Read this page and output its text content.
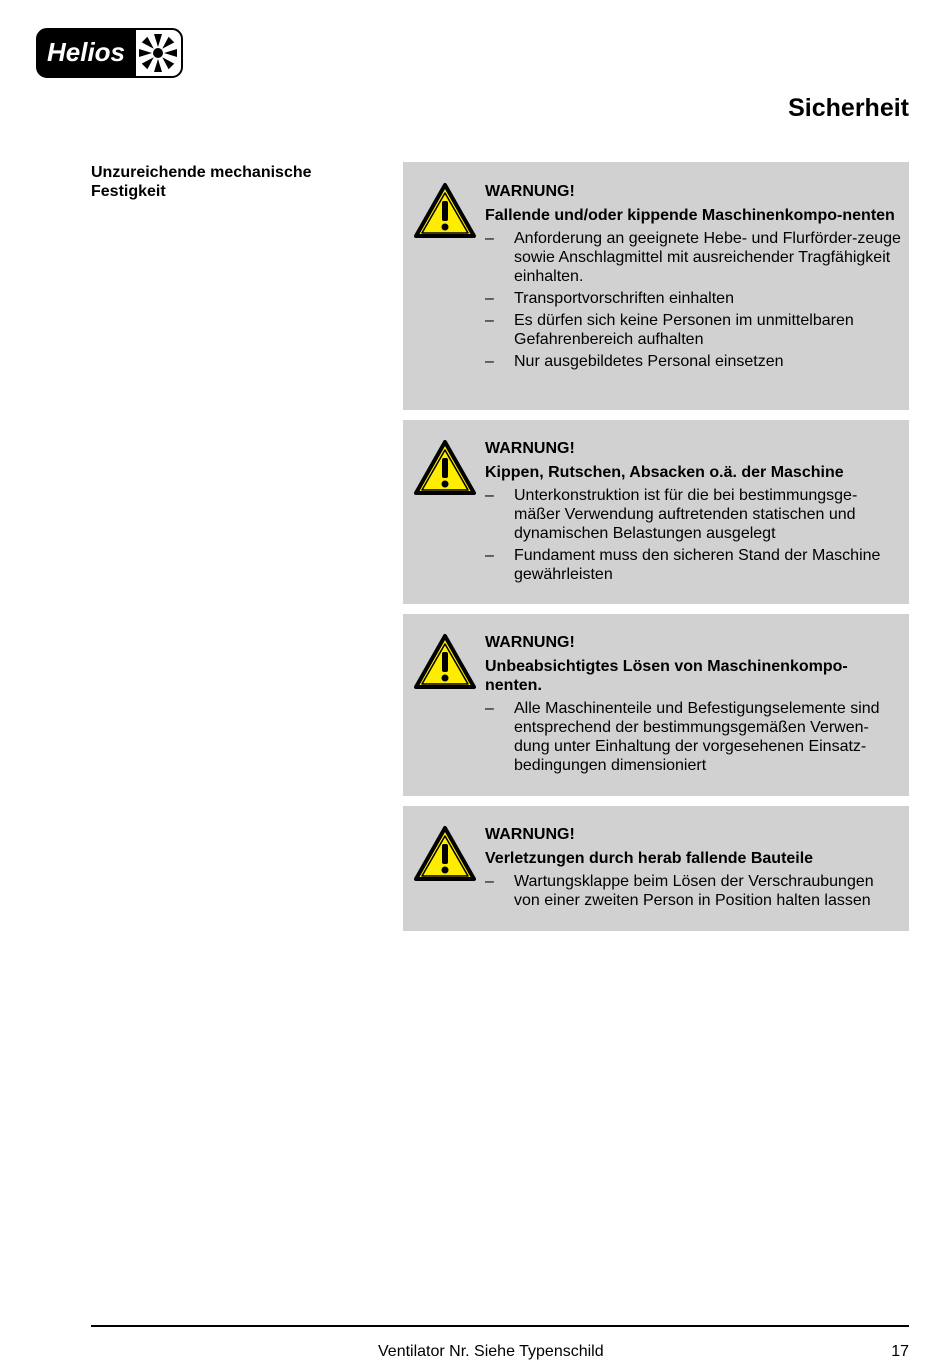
Helios
Sicherheit
Unzureichende mechanische Festigkeit	WARNUNG!
Fallende und/oder kippende Maschinenkompo-nenten
– Anforderung an geeignete Hebe- und Flurförder-zeuge sowie Anschlagmittel mit ausreichender Tragfähigkeit einhalten.
– Transportvorschriften einhalten
– Es dürfen sich keine Personen im unmittelbaren Gefahrenbereich aufhalten
– Nur ausgebildetes Personal einsetzen
WARNUNG!
Kippen, Rutschen, Absacken o.ä. der Maschine
– Unterkonstruktion ist für die bei bestimmungsge-mäßer Verwendung auftretenden statischen und dynamischen Belastungen ausgelegt
– Fundament muss den sicheren Stand der Maschine gewährleisten
WARNUNG!
Unbeabsichtigtes Lösen von Maschinenkompo-nenten.
– Alle Maschinenteile und Befestigungselemente sind entsprechend der bestimmungsgemäßen Verwen-dung unter Einhaltung der vorgesehenen Einsatz-bedingungen dimensioniert
WARNUNG!
Verletzungen durch herab fallende Bauteile
– Wartungsklappe beim Lösen der Verschraubungen von einer zweiten Person in Position halten lassen
Ventilator Nr. Siehe Typenschild	17
